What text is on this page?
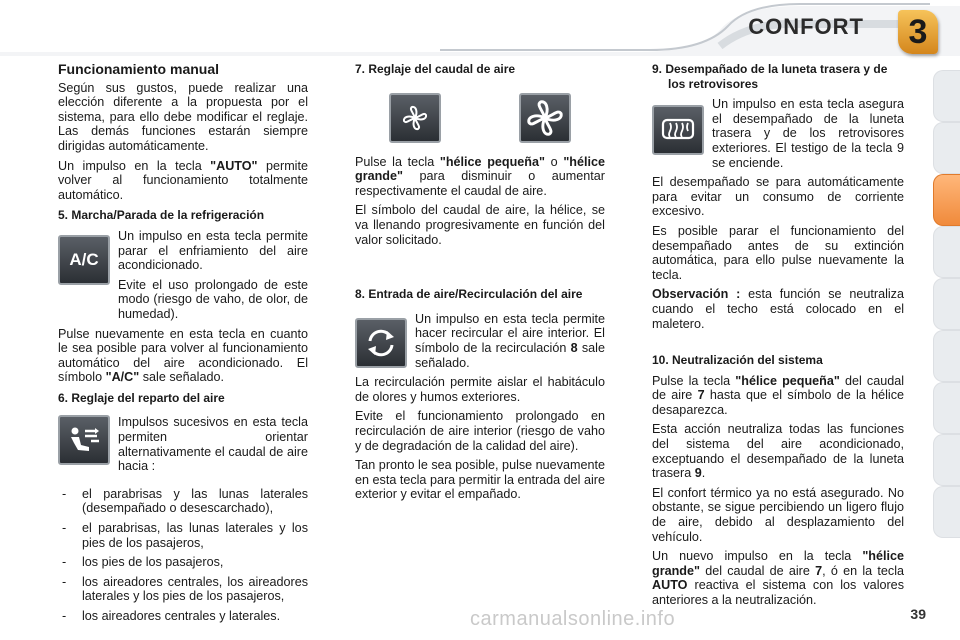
CONFORT	3
Funcionamiento manual

Según sus gustos, puede realizar una elección diferente a la propuesta por el sistema, para ello debe modificar el reglaje. Las demás funciones estarán siempre dirigidas automáticamente.

Un impulso en la tecla "AUTO" permite volver al funcionamiento totalmente automático.

5. Marcha/Parada de la refrigeración
A/C

Un impulso en esta tecla permite parar el enfriamiento del aire acondicionado.

Evite el uso prolongado de este modo (riesgo de vaho, de olor, de humedad).

Pulse nuevamente en esta tecla en cuanto le sea posible para volver al funcionamiento automático del aire acondicionado. El símbolo "A/C" sale señalado.

6. Reglaje del reparto del aire

Impulsos sucesivos en esta tecla permiten orientar alternativamente el caudal de aire hacia :

- el parabrisas y las lunas laterales (desempañado o desescarchado),
- el parabrisas, las lunas laterales y los pies de los pasajeros,
- los pies de los pasajeros,
- los aireadores centrales, los aireadores laterales y los pies de los pasajeros,
- los aireadores centrales y laterales.
7. Reglaje del caudal de aire

Pulse la tecla "hélice pequeña" o "hélice grande" para disminuir o aumentar respectivamente el caudal de aire.

El símbolo del caudal de aire, la hélice, se va llenando progresivamente en función del valor solicitado.

8. Entrada de aire/Recirculación del aire

Un impulso en esta tecla permite hacer recircular el aire interior. El símbolo de la recirculación 8 sale señalado.

La recirculación permite aislar el habitáculo de olores y humos exteriores.

Evite el funcionamiento prolongado en recirculación de aire interior (riesgo de vaho y de degradación de la calidad del aire).

Tan pronto le sea posible, pulse nuevamente en esta tecla para permitir la entrada del aire exterior y evitar el empañado.

9. Desempañado de la luneta trasera y de los retrovisores

Un impulso en esta tecla asegura el desempañado de la luneta trasera y de los retrovisores exteriores. El testigo de la tecla 9 se enciende.

El desempañado se para automáticamente para evitar un consumo de corriente excesivo.

Es posible parar el funcionamiento del desempañado antes de su extinción automática, para ello pulse nuevamente la tecla.

Observación : esta función se neutraliza cuando el techo está colocado en el maletero.

10. Neutralización del sistema

Pulse la tecla "hélice pequeña" del caudal de aire 7 hasta que el símbolo de la hélice desaparezca.

Esta acción neutraliza todas las funciones del sistema del aire acondicionado, exceptuando el desempañado de la luneta trasera 9.

El confort térmico ya no está asegurado. No obstante, se sigue percibiendo un ligero flujo de aire, debido al desplazamiento del vehículo.

Un nuevo impulso en la tecla "hélice grande" del caudal de aire 7, ó en la tecla AUTO reactiva el sistema con los valores anteriores a la neutralización.

carmanualsonline.info	39
